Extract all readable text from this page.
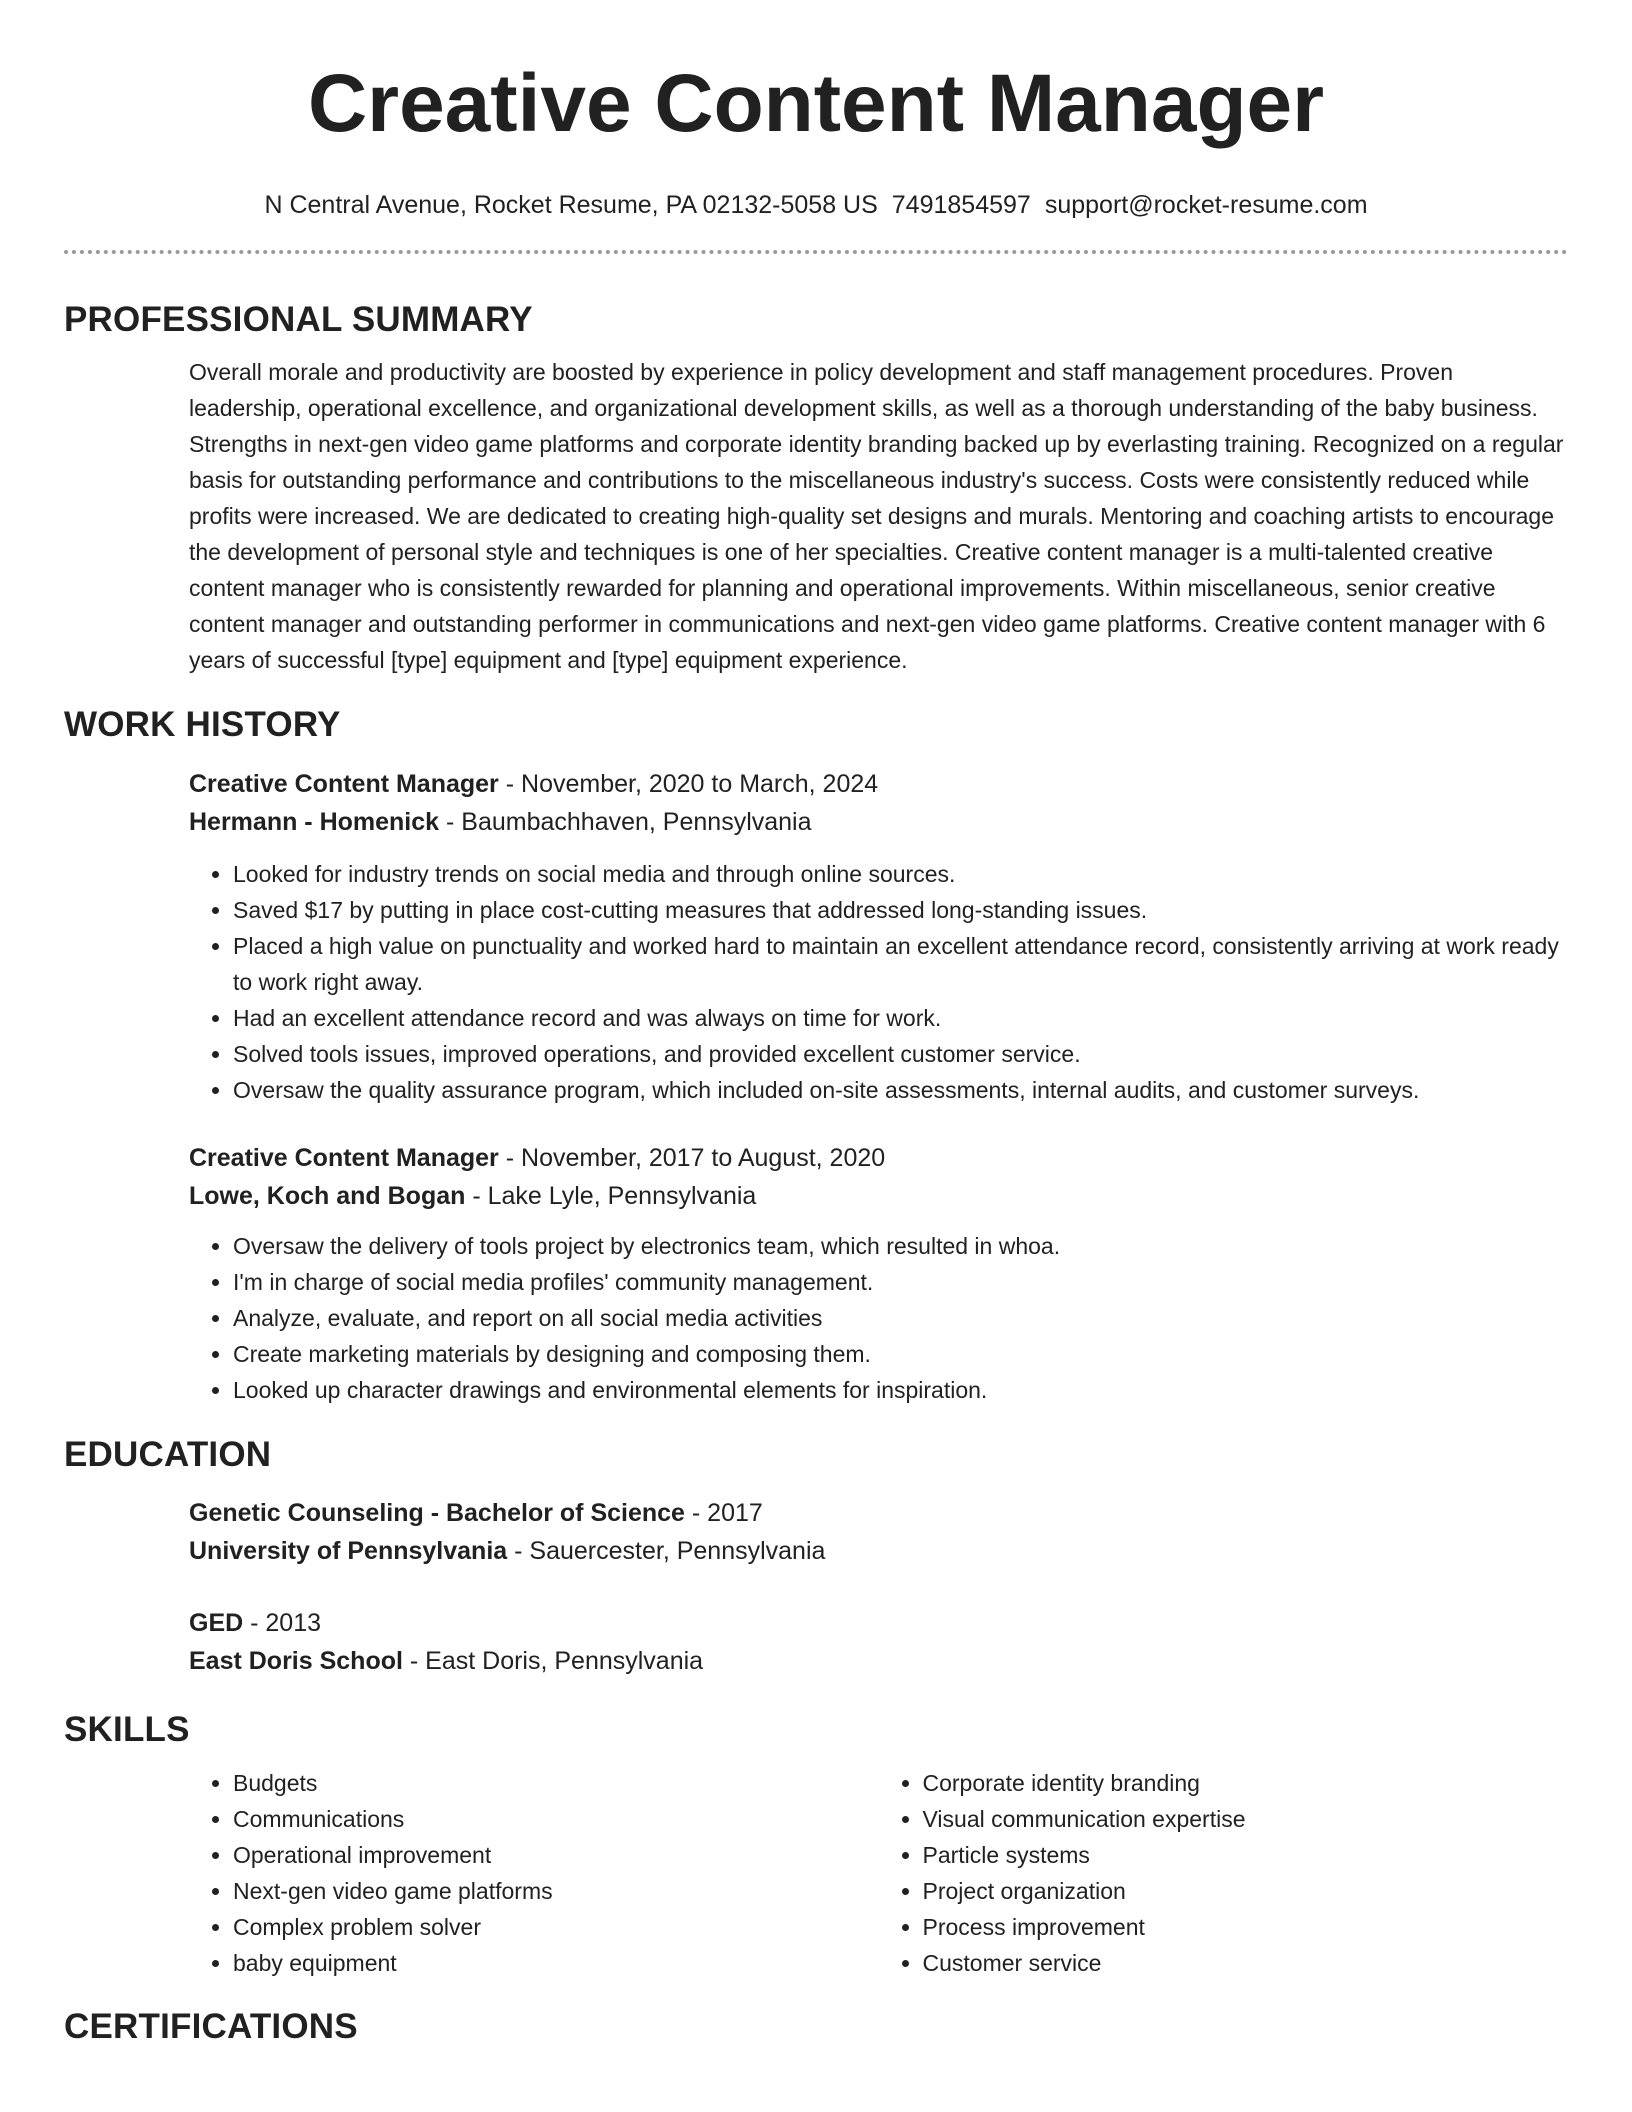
Creative Content Manager
N Central Avenue, Rocket Resume, PA 02132-5058 US 7491854597 support@rocket-resume.com
PROFESSIONAL SUMMARY

Overall morale and productivity are boosted by experience in policy development and staff management procedures. Proven leadership, operational excellence, and organizational development skills, as well as a thorough understanding of the baby business. Strengths in next-gen video game platforms and corporate identity branding backed up by everlasting training. Recognized on a regular basis for outstanding performance and contributions to the miscellaneous industry's success. Costs were consistently reduced while profits were increased. We are dedicated to creating high-quality set designs and murals. Mentoring and coaching artists to encourage the development of personal style and techniques is one of her specialties. Creative content manager is a multi-talented creative content manager who is consistently rewarded for planning and operational improvements. Within miscellaneous, senior creative content manager and outstanding performer in communications and next-gen video game platforms. Creative content manager with 6 years of successful [type] equipment and [type] equipment experience.

WORK HISTORY
Creative Content Manager - November, 2020 to March, 2024
Hermann - Homenick - Baumbachhaven, Pennsylvania
• Looked for industry trends on social media and through online sources.
• Saved $17 by putting in place cost-cutting measures that addressed long-standing issues.
• Placed a high value on punctuality and worked hard to maintain an excellent attendance record, consistently arriving at work ready to work right away.
• Had an excellent attendance record and was always on time for work.
• Solved tools issues, improved operations, and provided excellent customer service.
• Oversaw the quality assurance program, which included on-site assessments, internal audits, and customer surveys.
Creative Content Manager - November, 2017 to August, 2020
Lowe, Koch and Bogan - Lake Lyle, Pennsylvania
• Oversaw the delivery of tools project by electronics team, which resulted in whoa.
• I'm in charge of social media profiles' community management.
• Analyze, evaluate, and report on all social media activities
• Create marketing materials by designing and composing them.
• Looked up character drawings and environmental elements for inspiration.
EDUCATION
Genetic Counseling - Bachelor of Science - 2017
University of Pennsylvania - Sauercester, Pennsylvania
GED - 2013
East Doris School - East Doris, Pennsylvania
SKILLS
• Budgets
• Communications
• Operational improvement
• Next-gen video game platforms
• Complex problem solver
• baby equipment
• Corporate identity branding
• Visual communication expertise
• Particle systems
• Project organization
• Process improvement
• Customer service
CERTIFICATIONS
